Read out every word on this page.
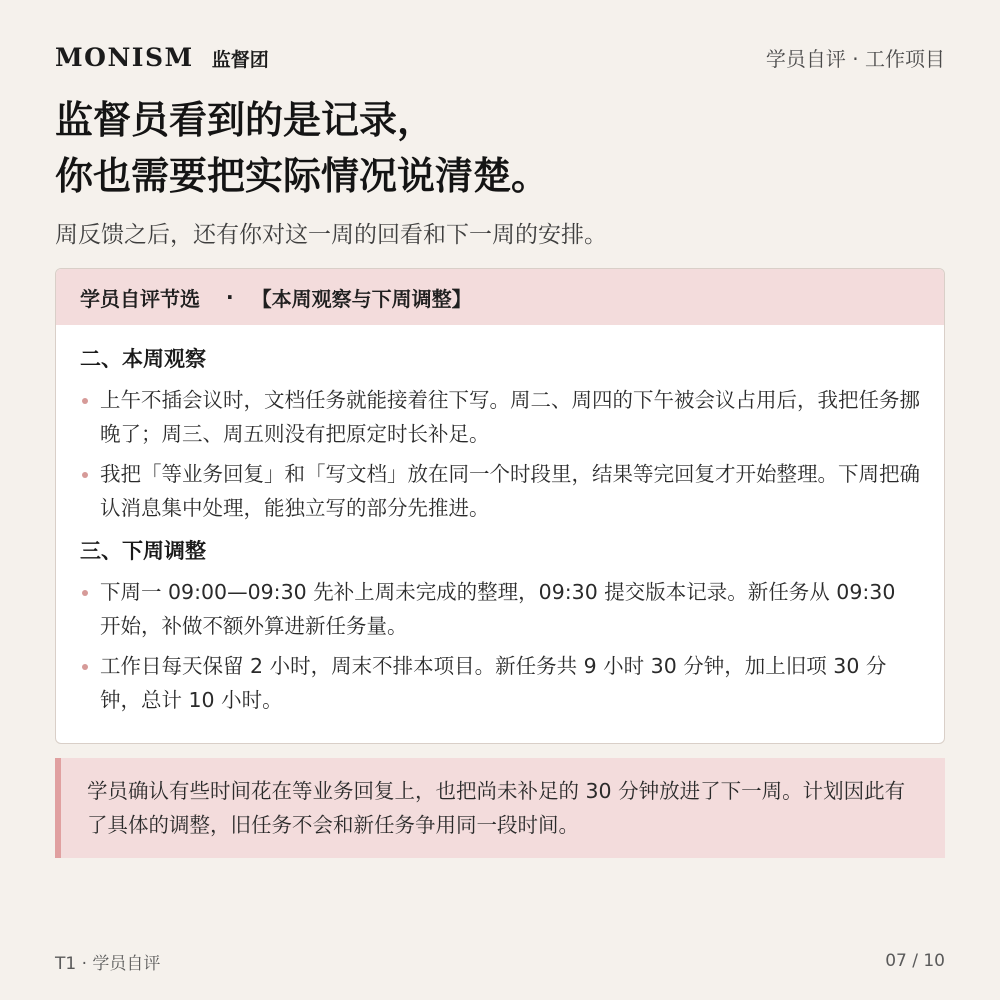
MONISM 监督团	学员自评 · 工作项目
监督员看到的是记录，
你也需要把实际情况说清楚。
周反馈之后，还有你对这一周的回看和下一周的安排。
学员自评节选 · 【本周观察与下周调整】
二、本周观察
上午不插会议时，文档任务就能接着往下写。周二、周四的下午被会议占用后，我把任务挪晚了；周三、周五则没有把原定时长补足。
我把「等业务回复」和「写文档」放在同一个时段里，结果等完回复才开始整理。下周把确认消息集中处理，能独立写的部分先推进。
三、下周调整
下周一 09:00—09:30 先补上周未完成的整理，09:30 提交版本记录。新任务从 09:30 开始，补做不额外算进新任务量。
工作日每天保留 2 小时，周末不排本项目。新任务共 9 小时 30 分钟，加上旧项 30 分钟，总计 10 小时。
学员确认有些时间花在等业务回复上，也把尚未补足的 30 分钟放进了下一周。计划因此有了具体的调整，旧任务不会和新任务争用同一段时间。
T1 · 学员自评	07 / 10
